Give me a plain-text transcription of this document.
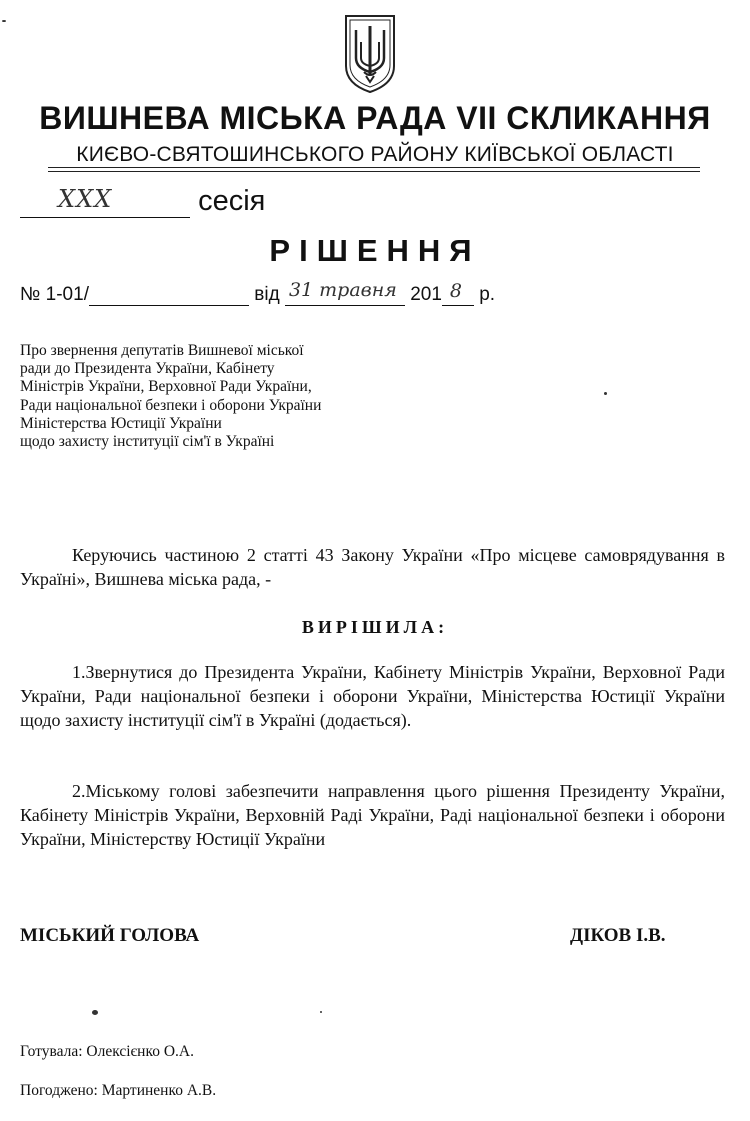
ВИШНЕВА МІСЬКА РАДА VII СКЛИКАННЯ
КИЄВО-СВЯТОШИНСЬКОГО РАЙОНУ КИЇВСЬКОЇ ОБЛАСТІ
XXX	сесія
РІШЕННЯ
№ 1-01/	від 31 травня 201 8 р.
Про звернення депутатів Вишневої міської
ради до Президента України, Кабінету
Міністрів України, Верховної Ради України,
Ради національної безпеки і оборони України
Міністерства Юстиції України
щодо захисту інституції сім'ї в Україні
Керуючись частиною 2 статті 43 Закону України «Про місцеве самоврядування в Україні», Вишнева міська рада, -
ВИРІШИЛА:
1.Звернутися до Президента України, Кабінету Міністрів України, Верховної Ради України, Ради національної безпеки і оборони України, Міністерства Юстиції України щодо захисту інституції сім'ї в Україні (додається).
2.Міському голові забезпечити направлення цього рішення Президенту України, Кабінету Міністрів України, Верховній Раді України, Раді національної безпеки і оборони України, Міністерству Юстиції України
МІСЬКИЙ ГОЛОВА	ДІКОВ І.В.
Готувала: Олексієнко О.А.
Погоджено: Мартиненко А.В.
